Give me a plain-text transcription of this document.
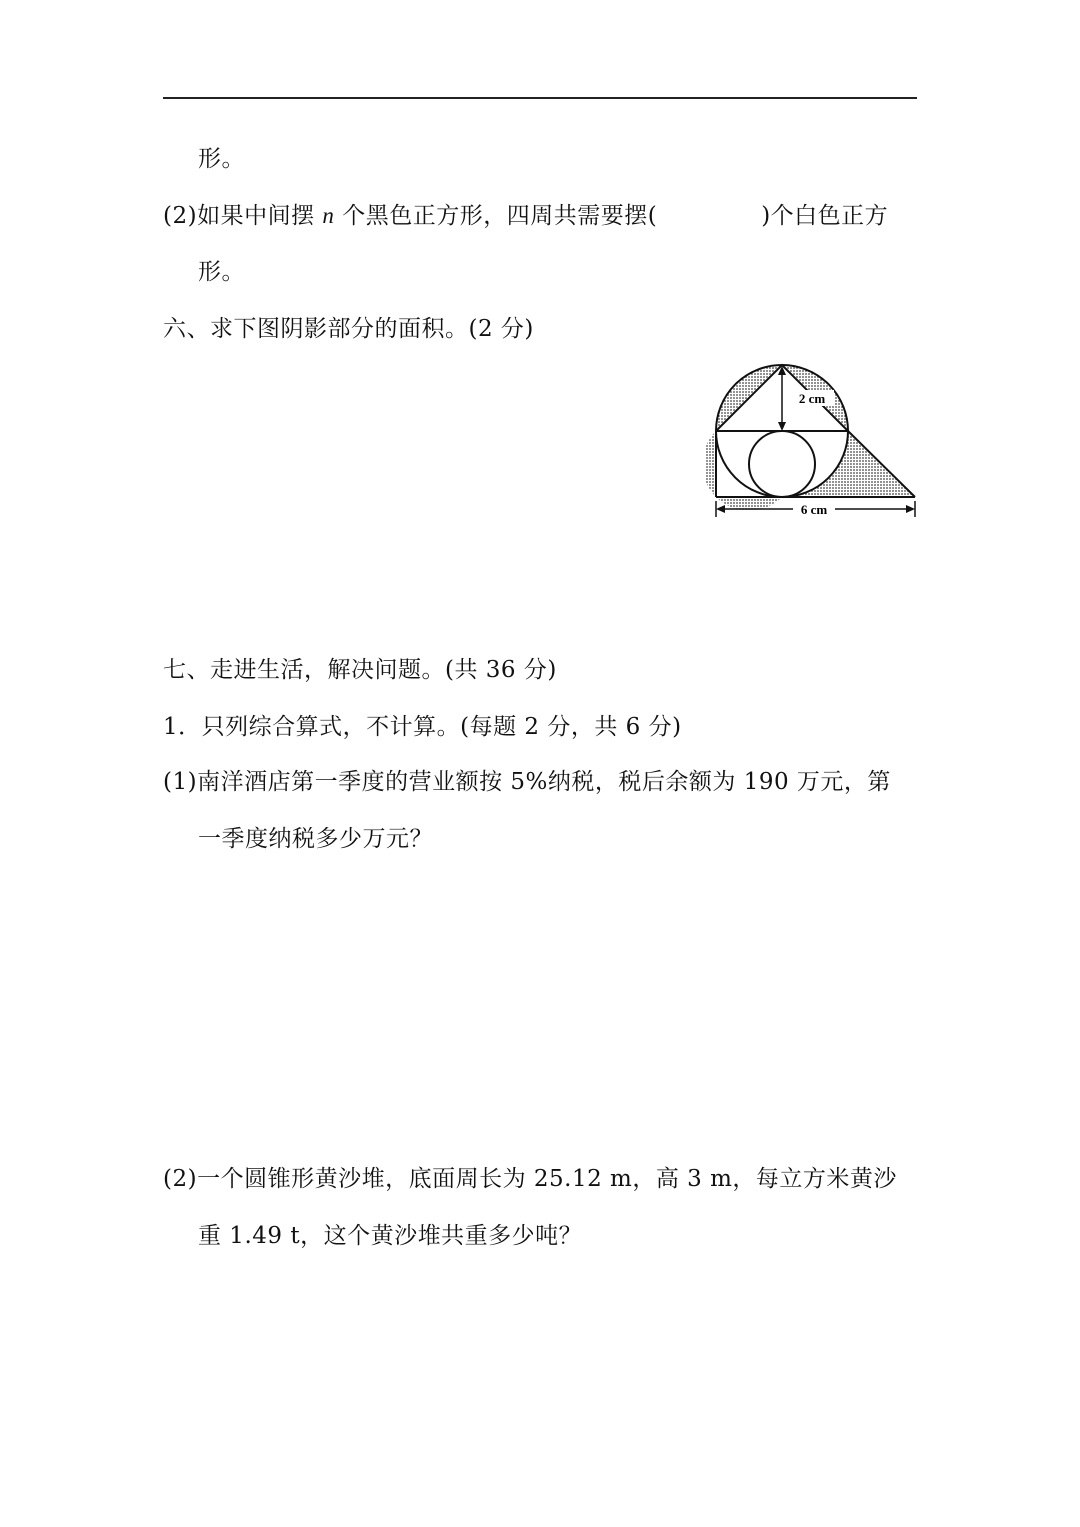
形。
(2)如果中间摆 n 个黑色正方形，四周共需要摆(	)个白色正方
形。
六、求下图阴影部分的面积。(2 分)
2 cm
6 cm
七、走进生活，解决问题。(共 36 分)
1．只列综合算式，不计算。(每题 2 分，共 6 分)
(1)南洋酒店第一季度的营业额按 5%纳税，税后余额为 190 万元，第
一季度纳税多少万元？
(2)一个圆锥形黄沙堆，底面周长为 25.12 m，高 3 m，每立方米黄沙
重 1.49 t，这个黄沙堆共重多少吨？
